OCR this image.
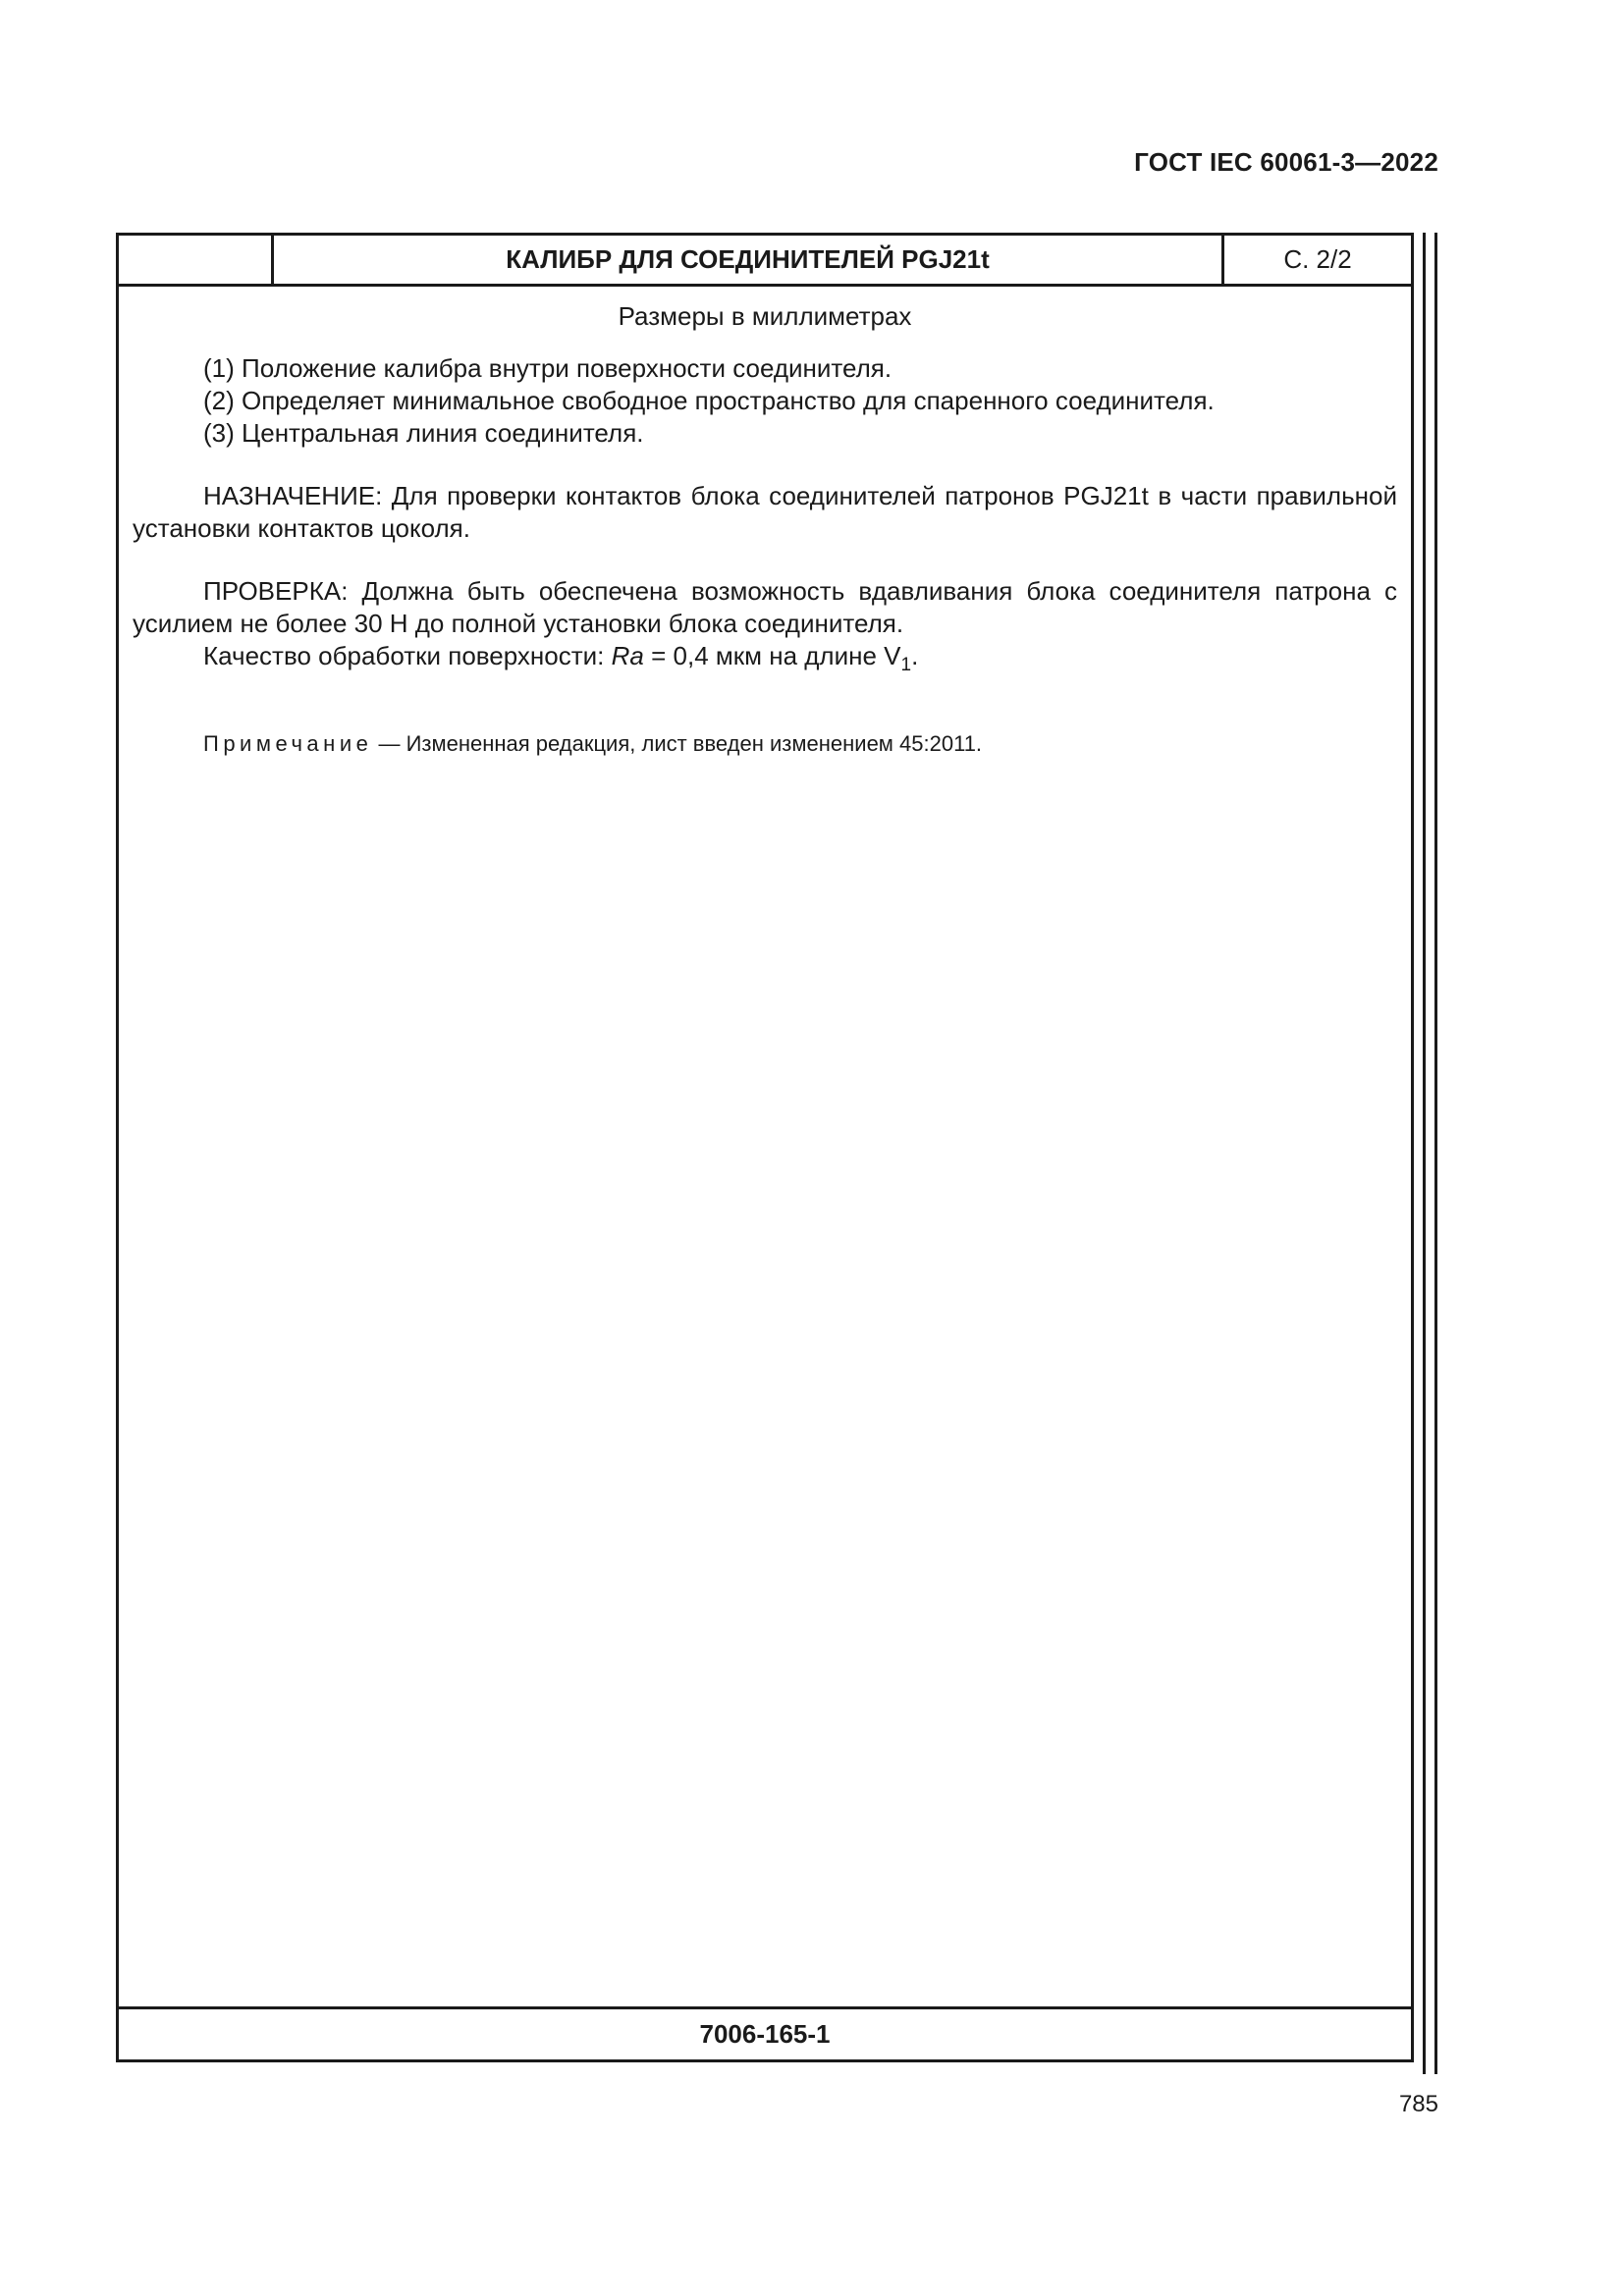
ГОСТ IEC 60061-3—2022
КАЛИБР ДЛЯ СОЕДИНИТЕЛЕЙ PGJ21t	С. 2/2
Размеры в миллиметрах
(1) Положение калибра внутри поверхности соединителя.
(2) Определяет минимальное свободное пространство для спаренного соединителя.
(3) Центральная линия соединителя.
НАЗНАЧЕНИЕ: Для проверки контактов блока соединителей патронов PGJ21t в части правильной установки контактов цоколя.
ПРОВЕРКА: Должна быть обеспечена возможность вдавливания блока соединителя патрона с усилием не более 30 Н до полной установки блока соединителя.
Качество обработки поверхности: Ra = 0,4 мкм на длине $V_1$.
Примечание — Измененная редакция, лист введен изменением 45:2011.
7006-165-1
785
